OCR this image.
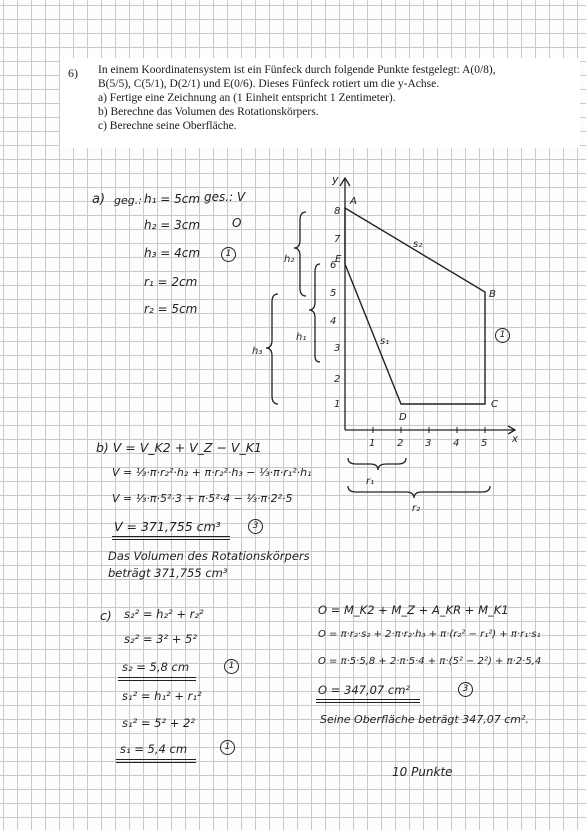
6) In einem Koordinatensystem ist ein Fünfeck durch folgende Punkte festgelegt: A(0/8),
B(5/5), C(5/1), D(2/1) und E(0/6). Dieses Fünfeck rotiert um die y-Achse.
a) Fertige eine Zeichnung an (1 Einheit entspricht 1 Zentimeter).
b) Berechne das Volumen des Rotationskörpers.
c) Berechne seine Oberfläche.
a) geg.: h₁ = 5cm
h₂ = 3cm
h₃ = 4cm
r₁ = 2cm
r₂ = 5cm
ges.: V
O
1
y
x
1 2 3 4 5
1
2
3
4
5
6
7
8
A
B
C
D
E
s₁
s₂
h₂
h₁
h₃
r₁
r₂
1
b) V = V_K2 + V_Z − V_K1
V = ⅓·π·r₂²·h₂ + π·r₂²·h₃ − ⅓·π·r₁²·h₁
V = ⅓·π·5²·3 + π·5²·4 − ⅓·π·2²·5
V = 371,755 cm³	3
Das Volumen des Rotationskörpers
beträgt 371,755 cm³
c) s₂² = h₂² + r₂²
s₂² = 3² + 5²
s₂ = 5,8 cm	1
s₁² = h₁² + r₁²
s₁² = 5² + 2²
s₁ = 5,4 cm	1
O = M_K2 + M_Z + A_KR + M_K1
O = π·r₂·s₂ + 2·π·r₂·h₃ + π·(r₂² − r₁²) + π·r₁·s₁
O = π·5·5,8 + 2·π·5·4 + π·(5² − 2²) + π·2·5,4
O = 347,07 cm²	3
Seine Oberfläche beträgt 347,07 cm².
10 Punkte
